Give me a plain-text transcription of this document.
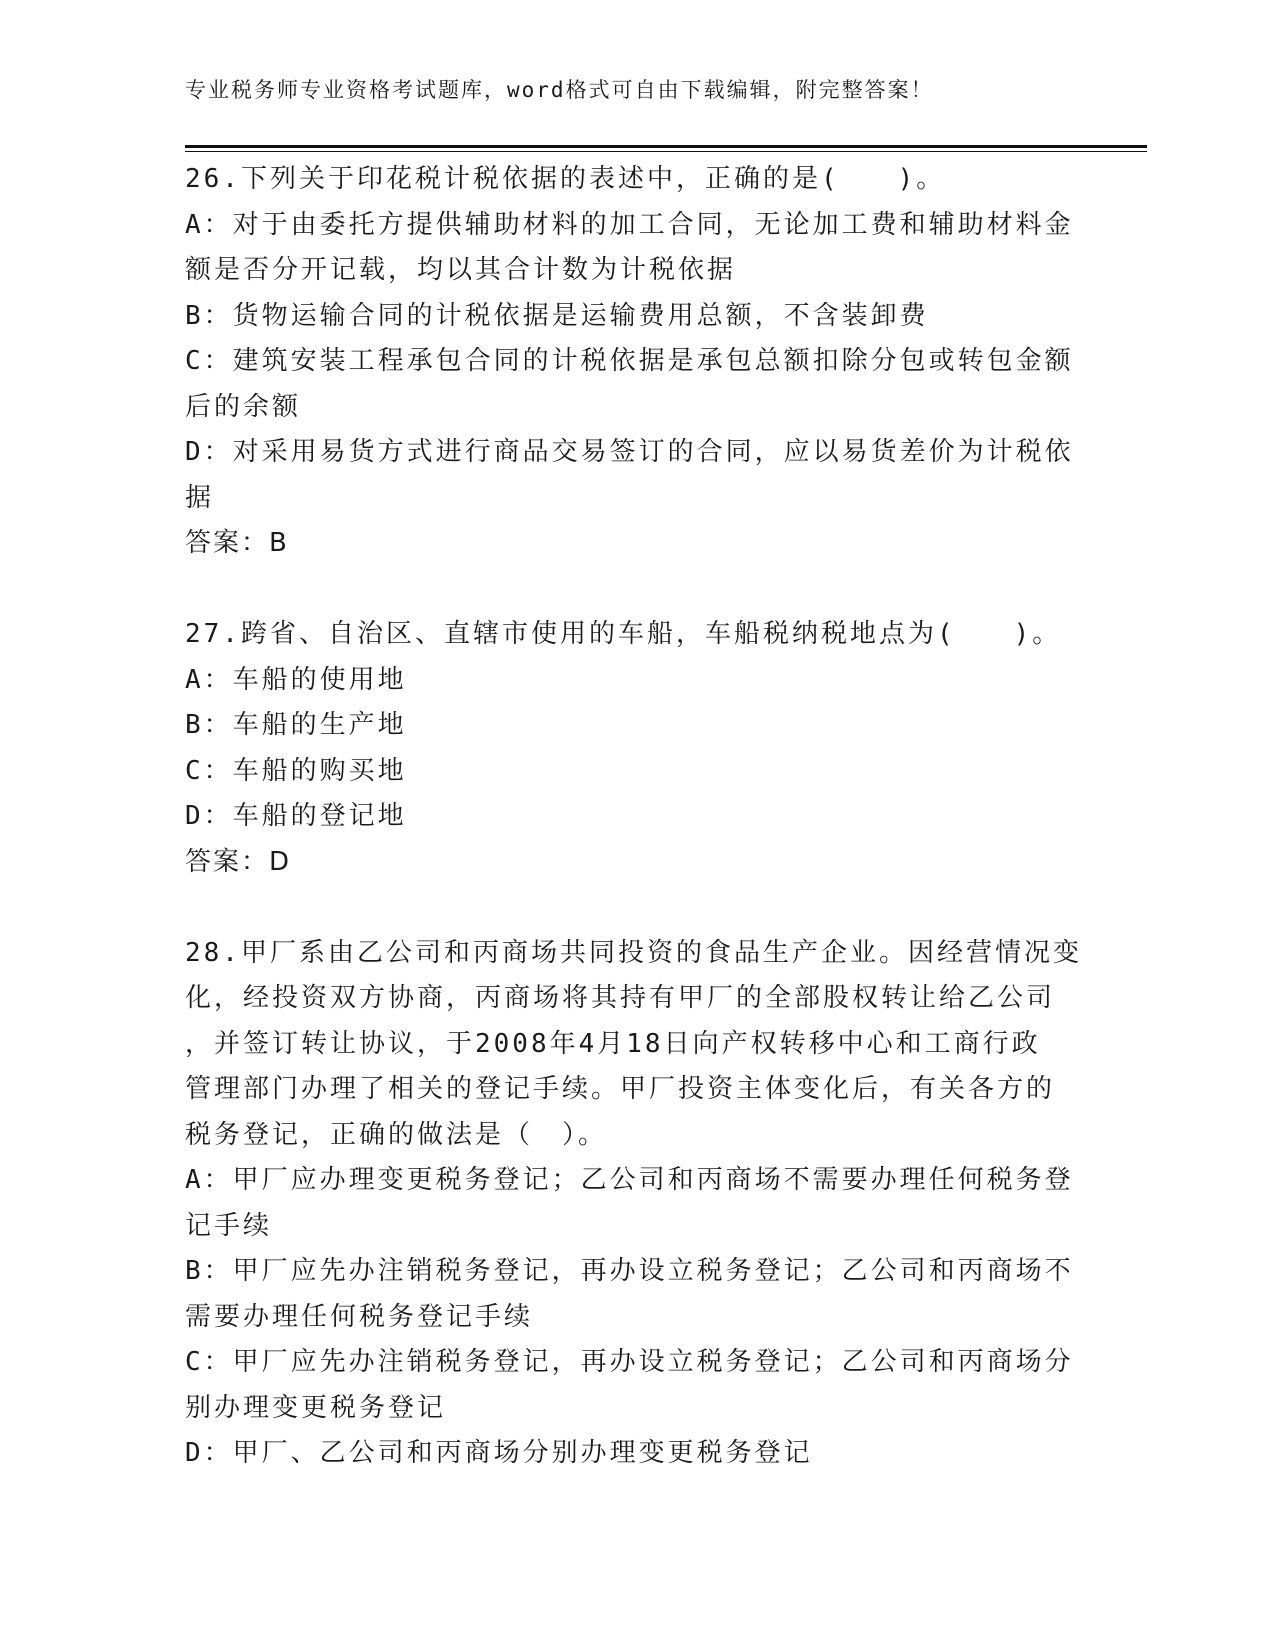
专业税务师专业资格考试题库，word格式可自由下载编辑，附完整答案！
26.下列关于印花税计税依据的表述中，正确的是(　　)。
A：对于由委托方提供辅助材料的加工合同，无论加工费和辅助材料金
额是否分开记载，均以其合计数为计税依据
B：货物运输合同的计税依据是运输费用总额，不含装卸费
C：建筑安装工程承包合同的计税依据是承包总额扣除分包或转包金额
后的余额
D：对采用易货方式进行商品交易签订的合同，应以易货差价为计税依
据
答案：B
27.跨省、自治区、直辖市使用的车船，车船税纳税地点为(　　)。
A：车船的使用地
B：车船的生产地
C：车船的购买地
D：车船的登记地
答案：D
28.甲厂系由乙公司和丙商场共同投资的食品生产企业。因经营情况变
化，经投资双方协商，丙商场将其持有甲厂的全部股权转让给乙公司
，并签订转让协议，于2008年4月18日向产权转移中心和工商行政
管理部门办理了相关的登记手续。甲厂投资主体变化后，有关各方的
税务登记，正确的做法是（　）。
A：甲厂应办理变更税务登记；乙公司和丙商场不需要办理任何税务登
记手续
B：甲厂应先办注销税务登记，再办设立税务登记；乙公司和丙商场不
需要办理任何税务登记手续
C：甲厂应先办注销税务登记，再办设立税务登记；乙公司和丙商场分
别办理变更税务登记
D：甲厂、乙公司和丙商场分别办理变更税务登记
